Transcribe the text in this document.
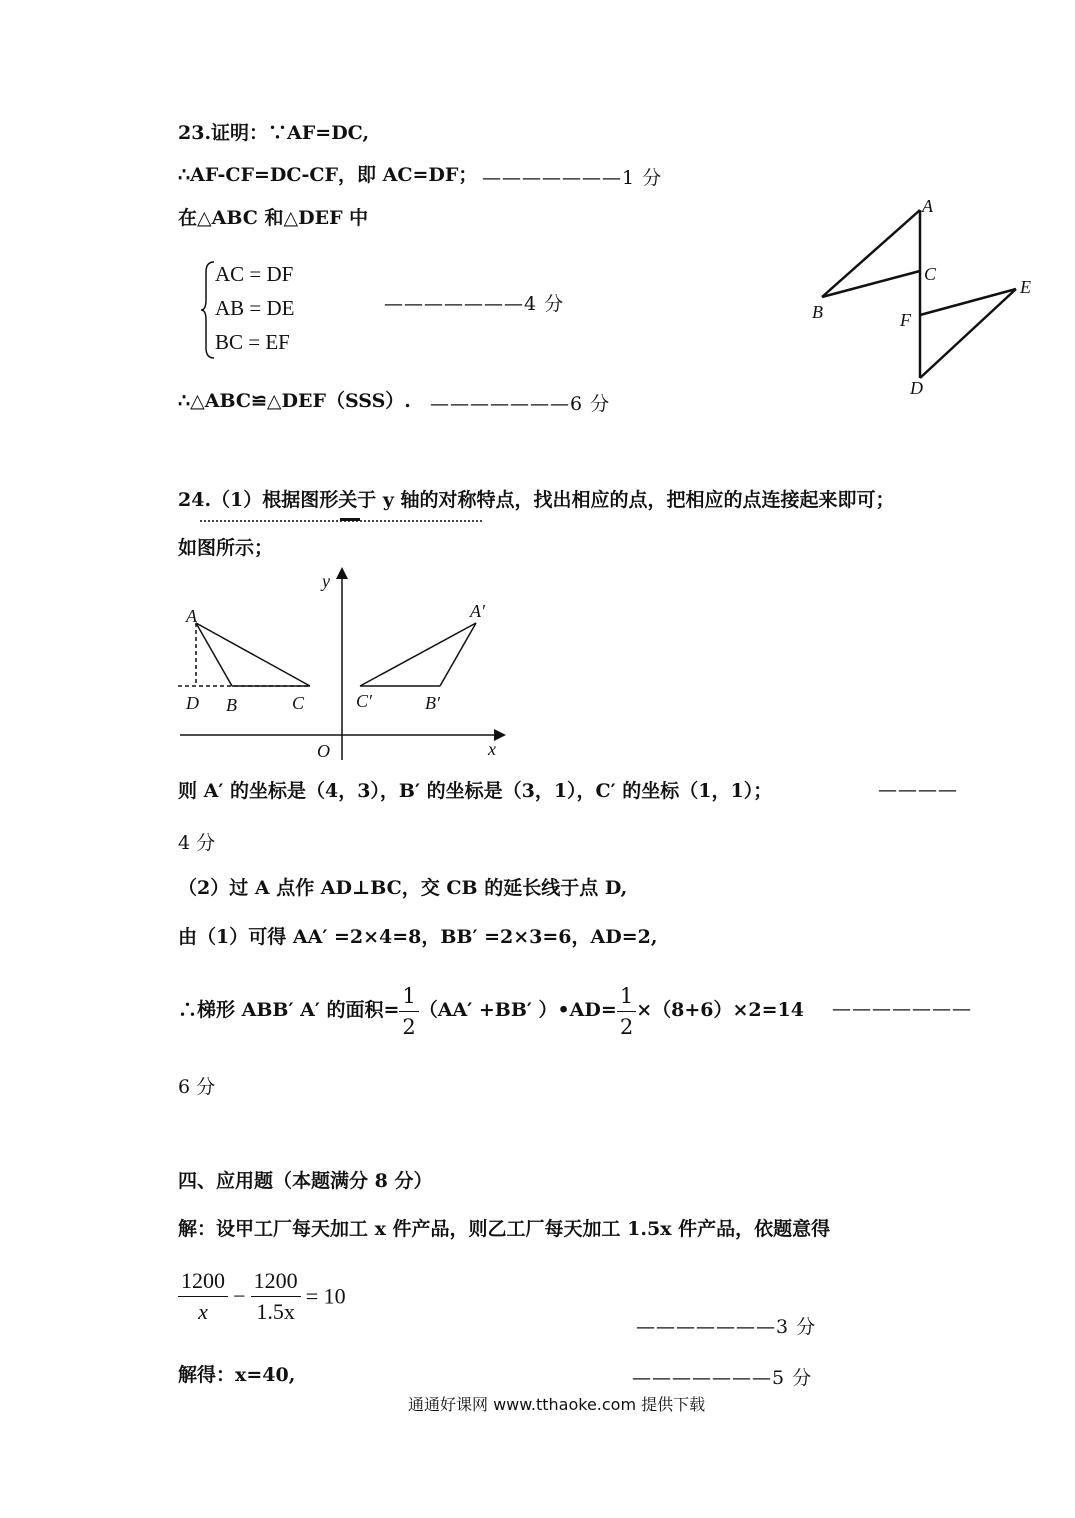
23.证明：∵AF=DC,
∴AF-CF=DC-CF，即 AC=DF； ———————1 分
在△ABC 和△DEF 中
AC = DF
AB = DE
BC = EF
———————4 分
∴△ABC≌△DEF（SSS）. ———————6 分
A
B
C
F
E
D
24.（1）根据图形关于 y 轴的对称特点，找出相应的点，把相应的点连接起来即可；
如图所示；
y
x
O
A
D B	C
A′
B′
C′
则 A′ 的坐标是（4，3），B′ 的坐标是（3，1），C′ 的坐标（1，1）；	————
4 分
（2）过 A 点作 AD⊥BC，交 CB 的延长线于点 D,
由（1）可得 AA′ =2×4=8，BB′ =2×3=6，AD=2,
∴梯形 ABB′ A′ 的面积= $\frac{1}{2} (AA' +BB'$ ）•AD= $\frac{1}{2} \times(8+6)\times 2=14$ ———————
6 分
四、应用题（本题满分 8 分）
解：设甲工厂每天加工 x 件产品，则乙工厂每天加工 1.5x 件产品，依题意得
$\frac{1200}{x} - \frac{1200}{1.5x} = 10$
———————3 分
解得：x=40,	———————5 分
通通好课网 www.tthaoke.com 提供下载
